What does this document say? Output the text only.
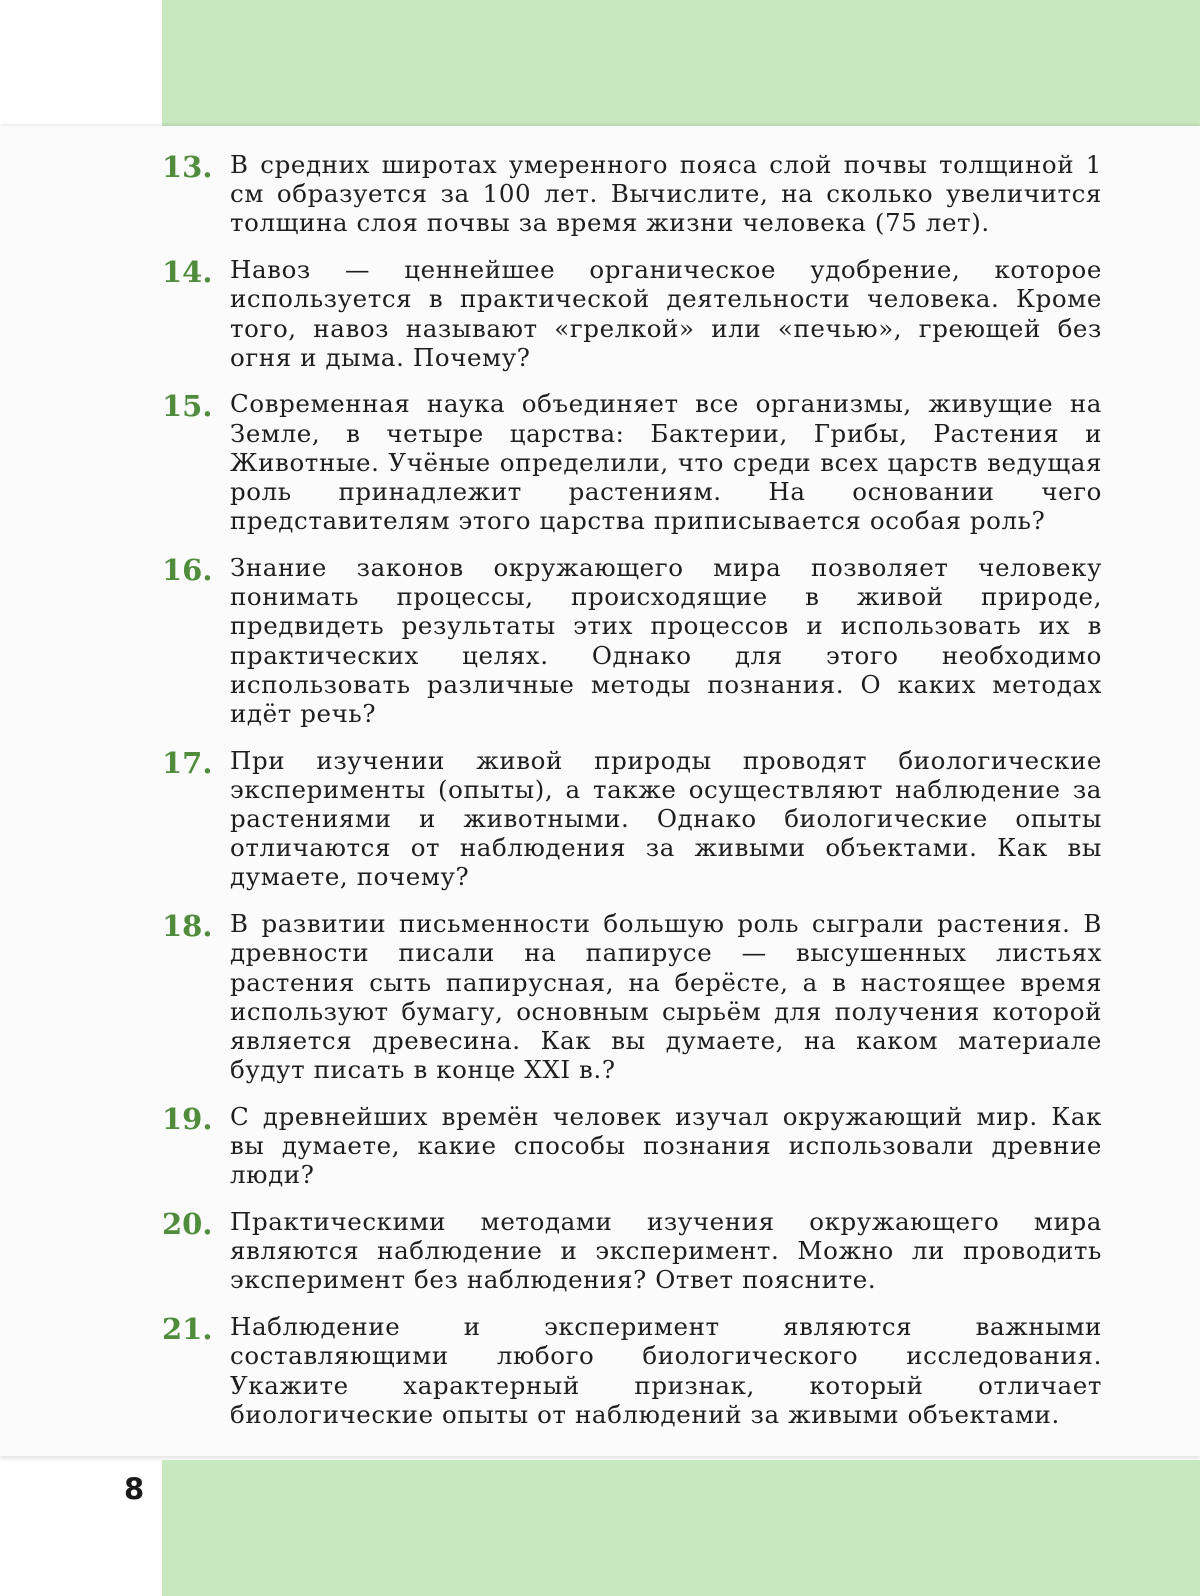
13. В средних широтах умеренного пояса слой почвы толщиной 1 см образуется за 100 лет. Вычислите, на сколько увеличится толщина слоя почвы за время жизни человека (75 лет).
14. Навоз — ценнейшее органическое удобрение, которое используется в практической деятельности человека. Кроме того, навоз называют «грелкой» или «печью», греющей без огня и дыма. Почему?
15. Современная наука объединяет все организмы, живущие на Земле, в четыре царства: Бактерии, Грибы, Растения и Животные. Учёные определили, что среди всех царств ведущая роль принадлежит растениям. На основании чего представителям этого царства приписывается особая роль?
16. Знание законов окружающего мира позволяет человеку понимать процессы, происходящие в живой природе, предвидеть результаты этих процессов и использовать их в практических целях. Однако для этого необходимо использовать различные методы познания. О каких методах идёт речь?
17. При изучении живой природы проводят биологические эксперименты (опыты), а также осуществляют наблюдение за растениями и животными. Однако биологические опыты отличаются от наблюдения за живыми объектами. Как вы думаете, почему?
18. В развитии письменности большую роль сыграли растения. В древности писали на папирусе — высушенных листьях растения сыть папирусная, на берёсте, а в настоящее время используют бумагу, основным сырьём для получения которой является древесина. Как вы думаете, на каком материале будут писать в конце XXI в.?
19. С древнейших времён человек изучал окружающий мир. Как вы думаете, какие способы познания использовали древние люди?
20. Практическими методами изучения окружающего мира являются наблюдение и эксперимент. Можно ли проводить эксперимент без наблюдения? Ответ поясните.
21. Наблюдение и эксперимент являются важными составляющими любого биологического исследования. Укажите характерный признак, который отличает биологические опыты от наблюдений за живыми объектами.
8
